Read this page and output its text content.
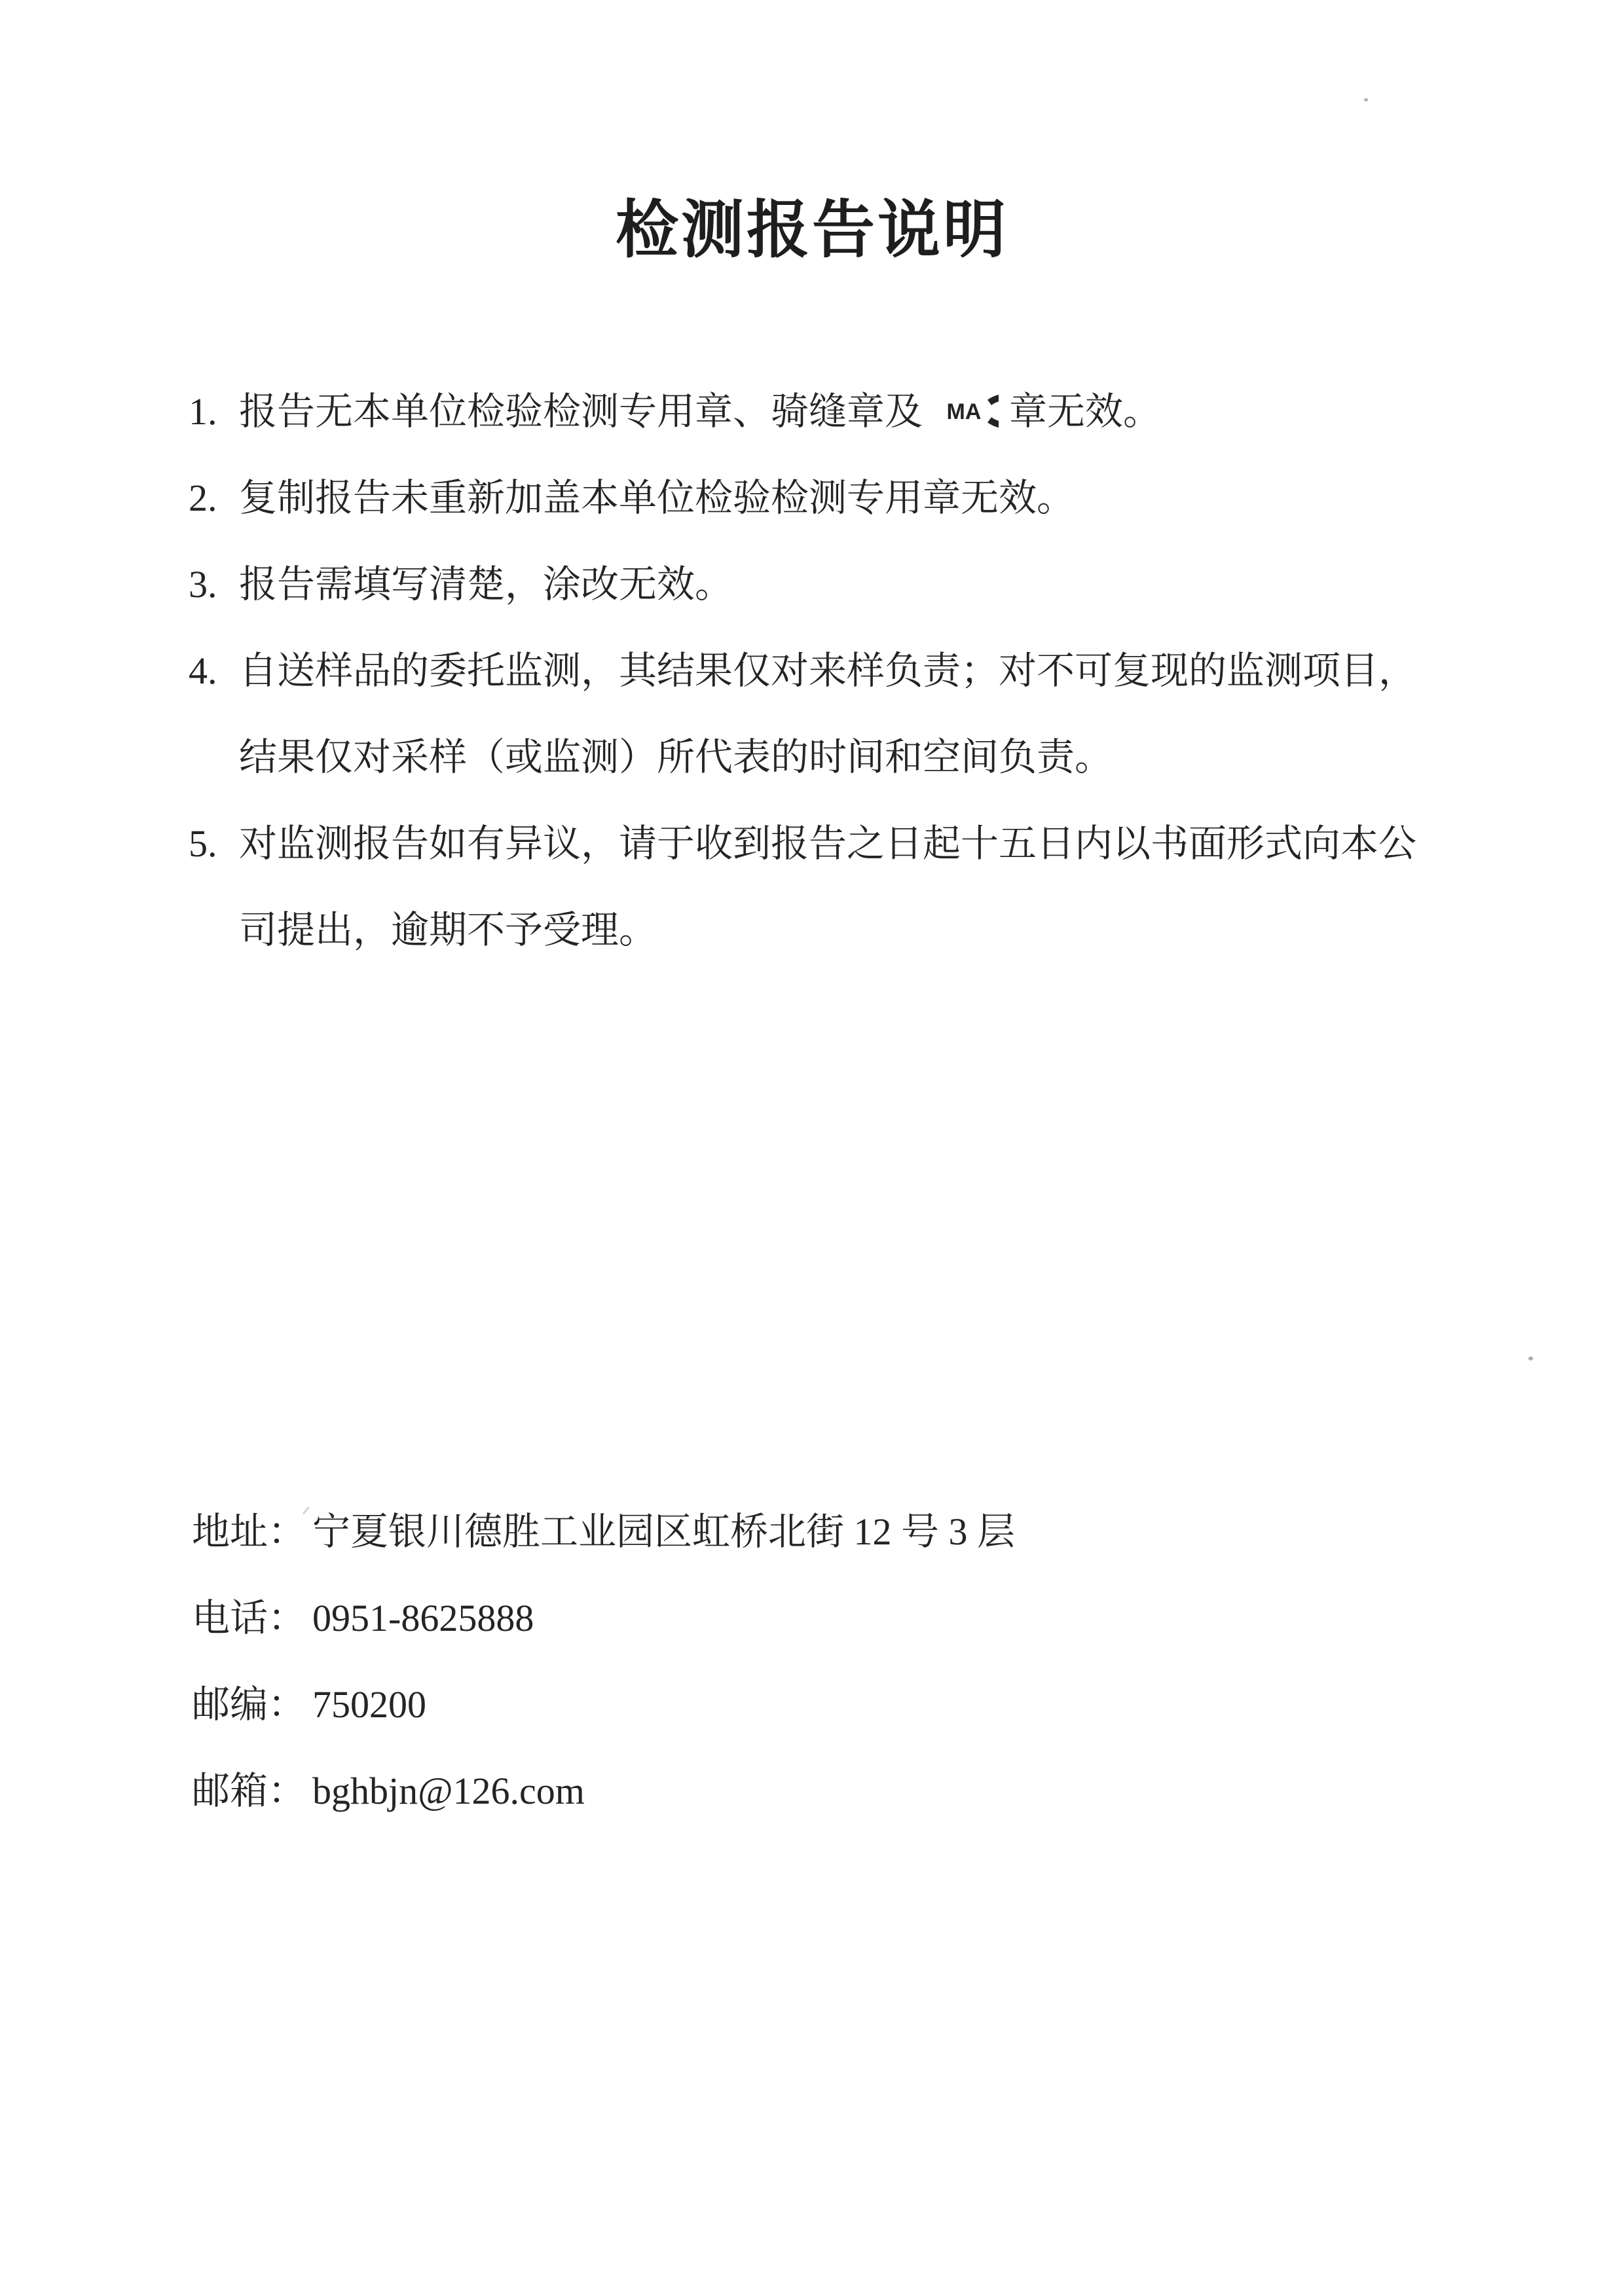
检测报告说明
1. 报告无本单位检验检测专用章、骑缝章及 MA 章无效。
2. 复制报告未重新加盖本单位检验检测专用章无效。
3. 报告需填写清楚，涂改无效。
4. 自送样品的委托监测，其结果仅对来样负责；对不可复现的监测项目，
结果仅对采样（或监测）所代表的时间和空间负责。
5. 对监测报告如有异议，请于收到报告之日起十五日内以书面形式向本公
司提出，逾期不予受理。
地址： 宁夏银川德胜工业园区虹桥北街 12 号 3 层
电话： 0951-8625888
邮编： 750200
邮箱： bghbjn@126.com
